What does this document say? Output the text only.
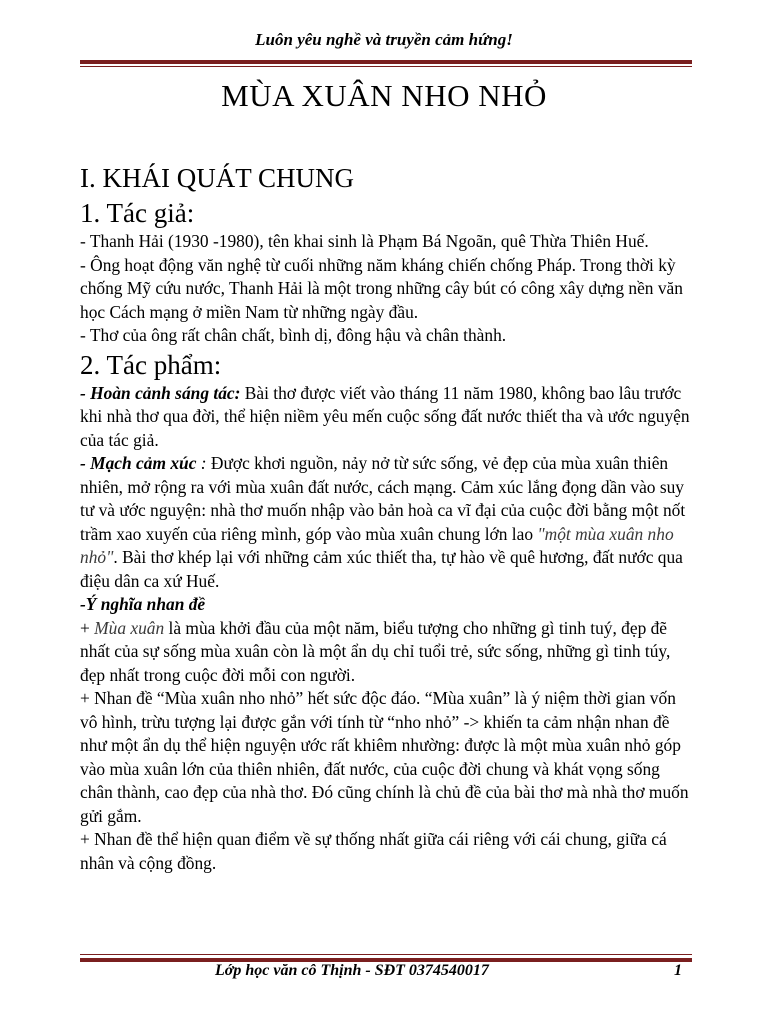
Luôn yêu nghề và truyền cảm hứng!
MÙA XUÂN NHO NHỎ

I. KHÁI QUÁT CHUNG

1. Tác giả:

- Thanh Hải (1930 -1980), tên khai sinh là Phạm Bá Ngoãn, quê Thừa Thiên Huế.

- Ông hoạt động văn nghệ từ cuối những năm kháng chiến chống Pháp. Trong thời kỳ chống Mỹ cứu nước, Thanh Hải là một trong những cây bút có công xây dựng nền văn học Cách mạng ở miền Nam từ những ngày đầu.

- Thơ của ông rất chân chất, bình dị, đông hậu và chân thành.

2. Tác phẩm:

- Hoàn cảnh sáng tác: Bài thơ được viết vào tháng 11 năm 1980, không bao lâu trước khi nhà thơ qua đời, thể hiện niềm yêu mến cuộc sống đất nước thiết tha và ước nguyện của tác giả.

- Mạch cảm xúc : Được khơi nguồn, nảy nở từ sức sống, vẻ đẹp của mùa xuân thiên nhiên, mở rộng ra với mùa xuân đất nước, cách mạng. Cảm xúc lắng đọng dần vào suy tư và ước nguyện: nhà thơ muốn nhập vào bản hoà ca vĩ đại của cuộc đời bằng một nốt trầm xao xuyến của riêng mình, góp vào mùa xuân chung lớn lao "một mùa xuân nho nhỏ". Bài thơ khép lại với những cảm xúc thiết tha, tự hào về quê hương, đất nước qua điệu dân ca xứ Huế.

-Ý nghĩa nhan đề

+ Mùa xuân là mùa khởi đầu của một năm, biểu tượng cho những gì tinh tuý, đẹp đẽ nhất của sự sống mùa xuân còn là một ẩn dụ chỉ tuổi trẻ, sức sống, những gì tinh túy, đẹp nhất trong cuộc đời mỗi con người.

+ Nhan đề “Mùa xuân nho nhỏ” hết sức độc đáo. “Mùa xuân” là ý niệm thời gian vốn vô hình, trừu tượng lại được gắn với tính từ “nho nhỏ” -> khiến ta cảm nhận nhan đề như một ẩn dụ thể hiện nguyện ước rất khiêm nhường: được là một mùa xuân nhỏ góp vào mùa xuân lớn của thiên nhiên, đất nước, của cuộc đời chung và khát vọng sống chân thành, cao đẹp của nhà thơ. Đó cũng chính là chủ đề của bài thơ mà nhà thơ muốn gửi gắm.

+ Nhan đề thể hiện quan điểm về sự thống nhất giữa cái riêng với cái chung, giữa cá nhân và cộng đồng.

Lớp học văn cô Thịnh - SĐT 0374540017	1
